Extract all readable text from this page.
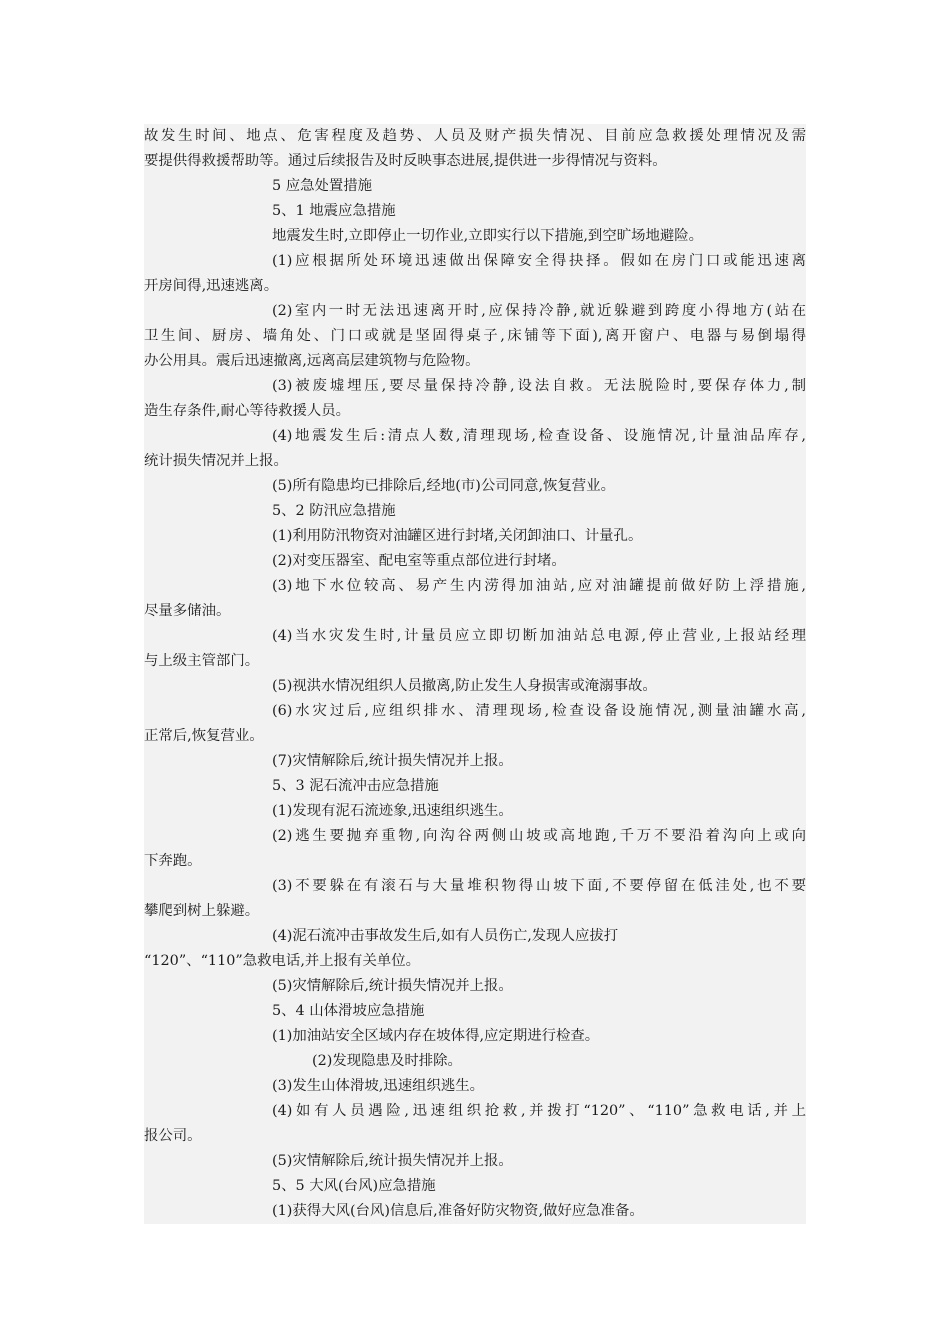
故发生时间、地点、危害程度及趋势、人员及财产损失情况、目前应急救援处理情况及需
要提供得救援帮助等。通过后续报告及时反映事态进展,提供进一步得情况与资料。
5 应急处置措施
5、1 地震应急措施
地震发生时,立即停止一切作业,立即实行以下措施,到空旷场地避险。
(1)应根据所处环境迅速做出保障安全得抉择。假如在房门口或能迅速离
开房间得,迅速逃离。
(2)室内一时无法迅速离开时,应保持冷静,就近躲避到跨度小得地方(站在
卫生间、厨房、墙角处、门口或就是坚固得桌子,床铺等下面),离开窗户、电器与易倒塌得
办公用具。震后迅速撤离,远离高层建筑物与危险物。
(3)被废墟埋压,要尽量保持冷静,设法自救。无法脱险时,要保存体力,制
造生存条件,耐心等待救援人员。
(4)地震发生后:清点人数,清理现场,检查设备、设施情况,计量油品库存,
统计损失情况并上报。
(5)所有隐患均已排除后,经地(市)公司同意,恢复营业。
5、2 防汛应急措施
(1)利用防汛物资对油罐区进行封堵,关闭卸油口、计量孔。
(2)对变压器室、配电室等重点部位进行封堵。
(3)地下水位较高、易产生内涝得加油站,应对油罐提前做好防上浮措施,
尽量多储油。
(4)当水灾发生时,计量员应立即切断加油站总电源,停止营业,上报站经理
与上级主管部门。
(5)视洪水情况组织人员撤离,防止发生人身损害或淹溺事故。
(6)水灾过后,应组织排水、清理现场,检查设备设施情况,测量油罐水高,
正常后,恢复营业。
(7)灾情解除后,统计损失情况并上报。
5、3 泥石流冲击应急措施
(1)发现有泥石流迹象,迅速组织逃生。
(2)逃生要抛弃重物,向沟谷两侧山坡或高地跑,千万不要沿着沟向上或向
下奔跑。
(3)不要躲在有滚石与大量堆积物得山坡下面,不要停留在低洼处,也不要
攀爬到树上躲避。
(4)泥石流冲击事故发生后,如有人员伤亡,发现人应拔打
“120”、“110”急救电话,并上报有关单位。
(5)灾情解除后,统计损失情况并上报。
5、4 山体滑坡应急措施
(1)加油站安全区域内存在坡体得,应定期进行检查。
(2)发现隐患及时排除。
(3)发生山体滑坡,迅速组织逃生。
(4)如有人员遇险,迅速组织抢救,并拨打“120”、“110”急救电话,并上
报公司。
(5)灾情解除后,统计损失情况并上报。
5、5 大风(台风)应急措施
(1)获得大风(台风)信息后,准备好防灾物资,做好应急准备。
